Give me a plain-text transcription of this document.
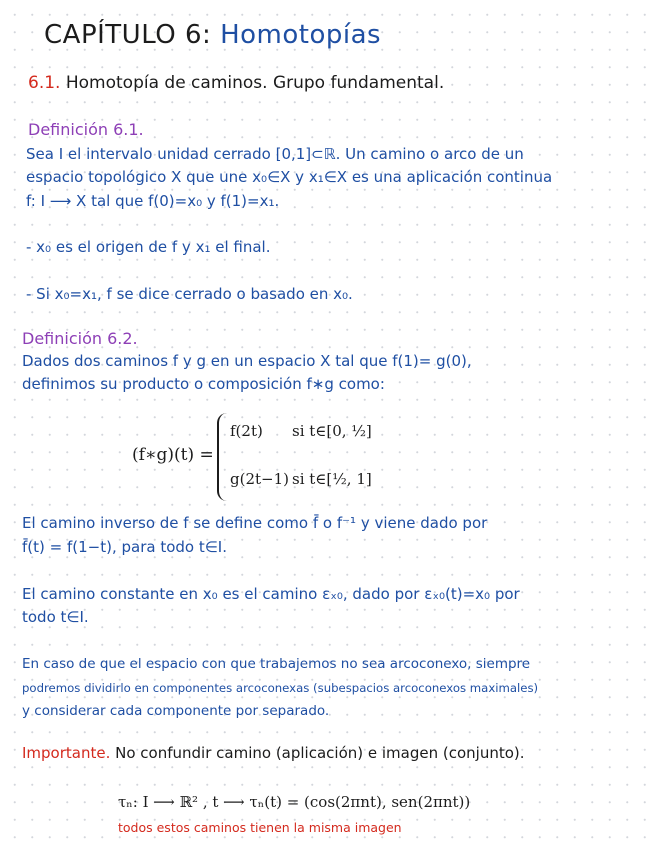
CAPÍTULO 6: Homotopías
6.1. Homotopía de caminos. Grupo fundamental.
Definición 6.1.
Sea I el intervalo unidad cerrado [0,1]⊂ℝ. Un camino o arco de un
espacio topológico X que une x₀∈X y x₁∈X es una aplicación continua
f: I ⟶ X tal que f(0)=x₀ y f(1)=x₁.
- x₀ es el origen de f y x₁ el final.
- Si x₀=x₁, f se dice cerrado o basado en x₀.
Definición 6.2.
Dados dos caminos f y g en un espacio X tal que f(1)= g(0),
definimos su producto o composición f∗g como:
(f∗g)(t) =
f(2t) si t∈[0, ½]
g(2t−1) si t∈[½, 1]
El camino inverso de f se define como f̄ o f⁻¹ y viene dado por
f̄(t) = f(1−t), para todo t∈I.
El camino constante en x₀ es el camino εₓ₀, dado por εₓ₀(t)=x₀ por
todo t∈I.
En caso de que el espacio con que trabajemos no sea arcoconexo, siempre
podremos dividirlo en componentes arcoconexas (subespacios arcoconexos maximales)
y considerar cada componente por separado.
Importante. No confundir camino (aplicación) e imagen (conjunto).
τₙ: I ⟶ ℝ² , t ⟶ τₙ(t) = (cos(2πnt), sen(2πnt))
todos estos caminos tienen la misma imagen
